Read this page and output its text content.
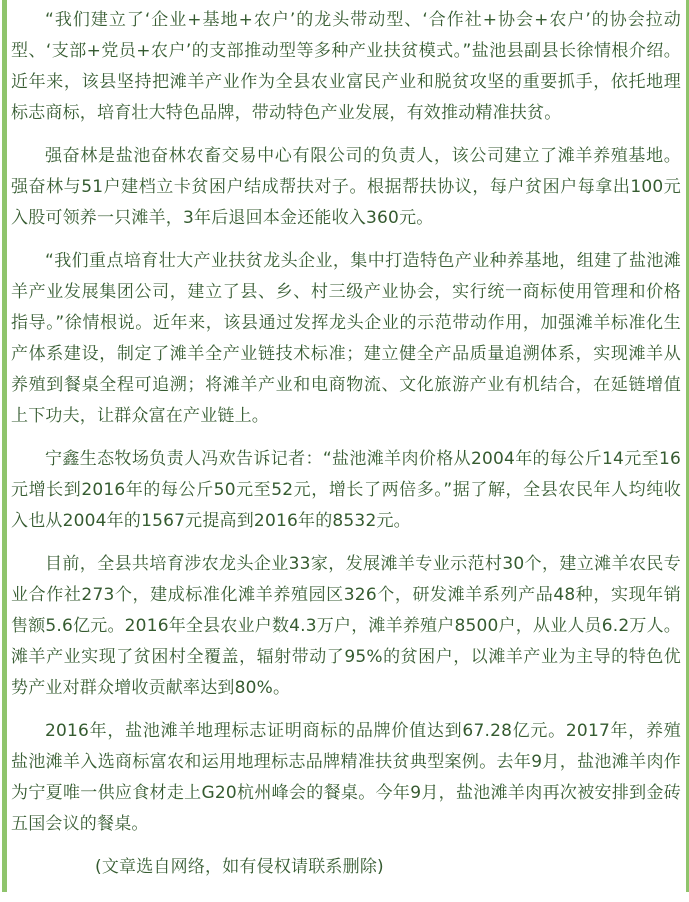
“我们建立了‘企业+基地+农户’的龙头带动型、‘合作社+协会+农户’的协会拉动型、‘支部+党员+农户’的支部推动型等多种产业扶贫模式。”盐池县副县长徐情根介绍。近年来，该县坚持把滩羊产业作为全县农业富民产业和脱贫攻坚的重要抓手，依托地理标志商标，培育壮大特色品牌，带动特色产业发展，有效推动精准扶贫。

强奋林是盐池奋林农畜交易中心有限公司的负责人，该公司建立了滩羊养殖基地。强奋林与51户建档立卡贫困户结成帮扶对子。根据帮扶协议，每户贫困户每拿出100元入股可领养一只滩羊，3年后退回本金还能收入360元。

“我们重点培育壮大产业扶贫龙头企业，集中打造特色产业种养基地，组建了盐池滩羊产业发展集团公司，建立了县、乡、村三级产业协会，实行统一商标使用管理和价格指导。”徐情根说。近年来，该县通过发挥龙头企业的示范带动作用，加强滩羊标准化生产体系建设，制定了滩羊全产业链技术标准；建立健全产品质量追溯体系，实现滩羊从养殖到餐桌全程可追溯；将滩羊产业和电商物流、文化旅游产业有机结合，在延链增值上下功夫，让群众富在产业链上。

宁鑫生态牧场负责人冯欢告诉记者：“盐池滩羊肉价格从2004年的每公斤14元至16元增长到2016年的每公斤50元至52元，增长了两倍多。”据了解，全县农民年人均纯收入也从2004年的1567元提高到2016年的8532元。

目前，全县共培育涉农龙头企业33家，发展滩羊专业示范村30个，建立滩羊农民专业合作社273个，建成标准化滩羊养殖园区326个，研发滩羊系列产品48种，实现年销售额5.6亿元。2016年全县农业户数4.3万户，滩羊养殖户8500户，从业人员6.2万人。滩羊产业实现了贫困村全覆盖，辐射带动了95%的贫困户，以滩羊产业为主导的特色优势产业对群众增收贡献率达到80%。

2016年，盐池滩羊地理标志证明商标的品牌价值达到67.28亿元。2017年，养殖盐池滩羊入选商标富农和运用地理标志品牌精准扶贫典型案例。去年9月，盐池滩羊肉作为宁夏唯一供应食材走上G20杭州峰会的餐桌。今年9月，盐池滩羊肉再次被安排到金砖五国会议的餐桌。

(文章选自网络，如有侵权请联系删除)
